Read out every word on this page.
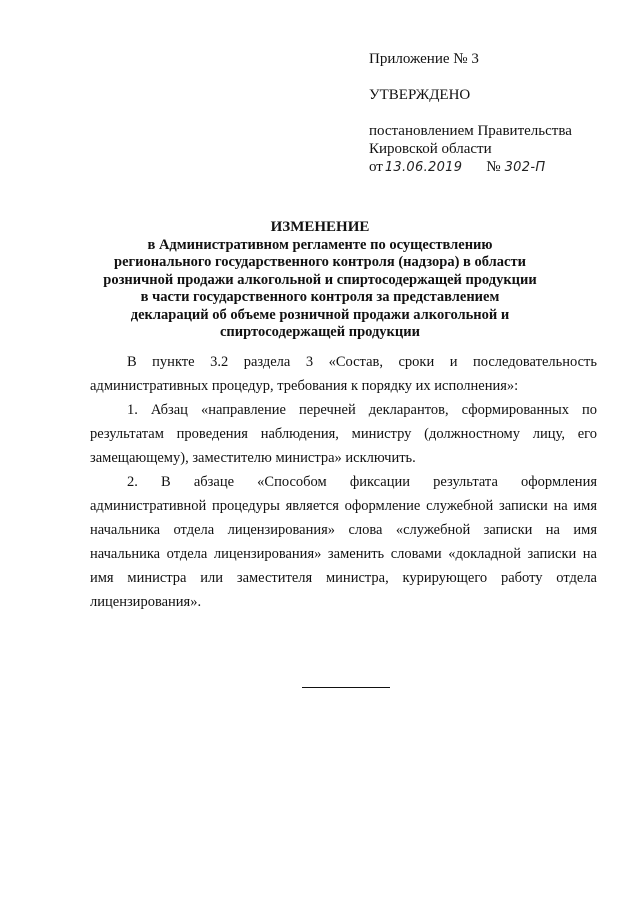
Приложение № 3

УТВЕРЖДЕНО

постановлением Правительства

Кировской области

от 13.06.2019 № 302-П

ИЗМЕНЕНИЕ

в Административном регламенте по осуществлению регионального государственного контроля (надзора) в области розничной продажи алкогольной и спиртосодержащей продукции в части государственного контроля за представлением деклараций об объеме розничной продажи алкогольной и спиртосодержащей продукции

В пункте 3.2 раздела 3 «Состав, сроки и последовательность административных процедур, требования к порядку их исполнения»:

1. Абзац «направление перечней декларантов, сформированных по результатам проведения наблюдения, министру (должностному лицу, его замещающему), заместителю министра» исключить.

2. В абзаце «Способом фиксации результата оформления административной процедуры является оформление служебной записки на имя начальника отдела лицензирования» слова «служебной записки на имя начальника отдела лицензирования» заменить словами «докладной записки на имя министра или заместителя министра, курирующего работу отдела лицензирования».
